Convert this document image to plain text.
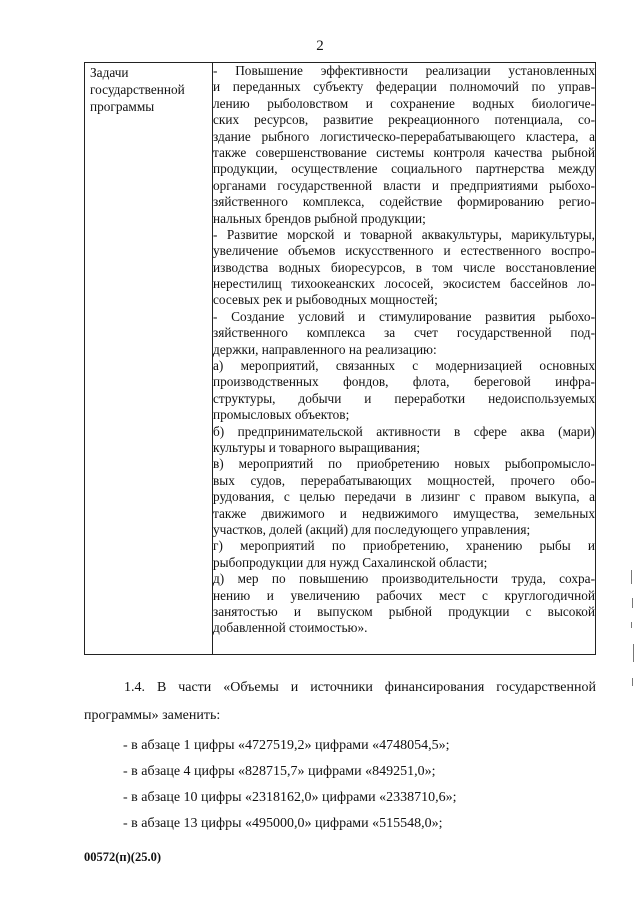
2
Задачи
государственной
программы

- Повышение эффективности реализации установленных
и переданных субъекту федерации полномочий по управ-
лению рыболовством и сохранение водных биологиче-
ских ресурсов, развитие рекреационного потенциала, со-
здание рыбного логистическо-перерабатывающего кластера, а
также совершенствование системы контроля качества рыбной
продукции, осуществление социального партнерства между
органами государственной власти и предприятиями рыбохо-
зяйственного комплекса, содействие формированию регио-
нальных брендов рыбной продукции;
- Развитие морской и товарной аквакультуры, марикультуры,
увеличение объемов искусственного и естественного воспро-
изводства водных биоресурсов, в том числе восстановление
нерестилищ тихоокеанских лососей, экосистем бассейнов ло-
сосевых рек и рыбоводных мощностей;
- Создание условий и стимулирование развития рыбохо-
зяйственного комплекса за счет государственной под-
держки, направленного на реализацию:
а) мероприятий, связанных с модернизацией основных
производственных фондов, флота, береговой инфра-
структуры, добычи и переработки недоиспользуемых
промысловых объектов;
б) предпринимательской активности в сфере аква (мари)
культуры и товарного выращивания;
в) мероприятий по приобретению новых рыбопромысло-
вых судов, перерабатывающих мощностей, прочего обо-
рудования, с целью передачи в лизинг с правом выкупа, а
также движимого и недвижимого имущества, земельных
участков, долей (акций) для последующего управления;
г) мероприятий по приобретению, хранению рыбы и
рыбопродукции для нужд Сахалинской области;
д) мер по повышению производительности труда, сохра-
нению и увеличению рабочих мест с круглогодичной
занятостью и выпуском рыбной продукции с высокой
добавленной стоимостью».
1.4. В части «Объемы и источники финансирования государственной
программы» заменить:
- в абзаце 1 цифры «4727519,2» цифрами «4748054,5»;
- в абзаце 4 цифры «828715,7» цифрами «849251,0»;
- в абзаце 10 цифры «2318162,0» цифрами «2338710,6»;
- в абзаце 13 цифры «495000,0» цифрами «515548,0»;
00572(п)(25.0)
